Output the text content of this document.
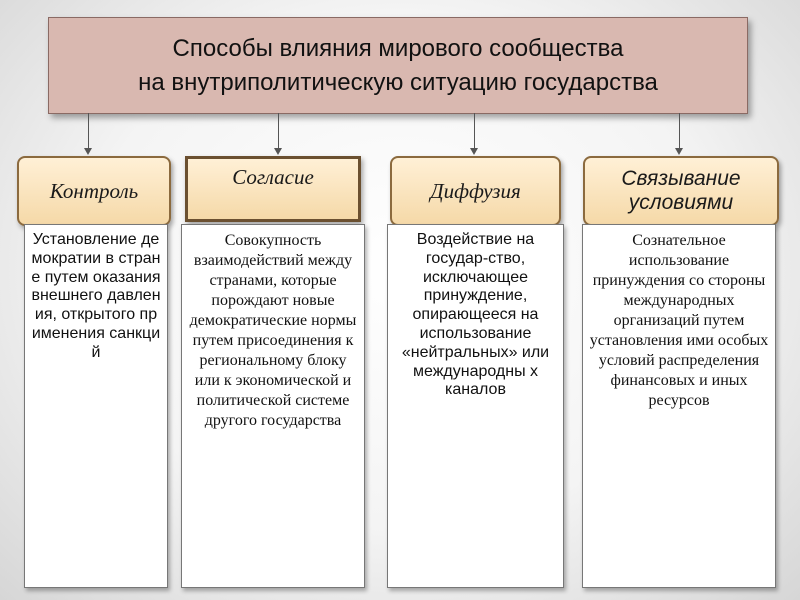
Способы влияния мирового сообщества
на внутриполитическую ситуацию государства
Контроль
Согласие
Диффузия	Связывание условиями
Установление демократии в стране путем оказания внешнего давления, открытого применения санкций
Совокупность взаимодействий между странами, которые порождают новые демократические нормы путем присоединения к региональному блоку или к экономической и политической системе другого государства
Воздействие на государ-ство, исключающее принуждение, опирающееся на использование «нейтральных» или международны х каналов
Сознательное использование принуждения со стороны международных организаций путем установления ими особых условий распределения финансовых и иных ресурсов
